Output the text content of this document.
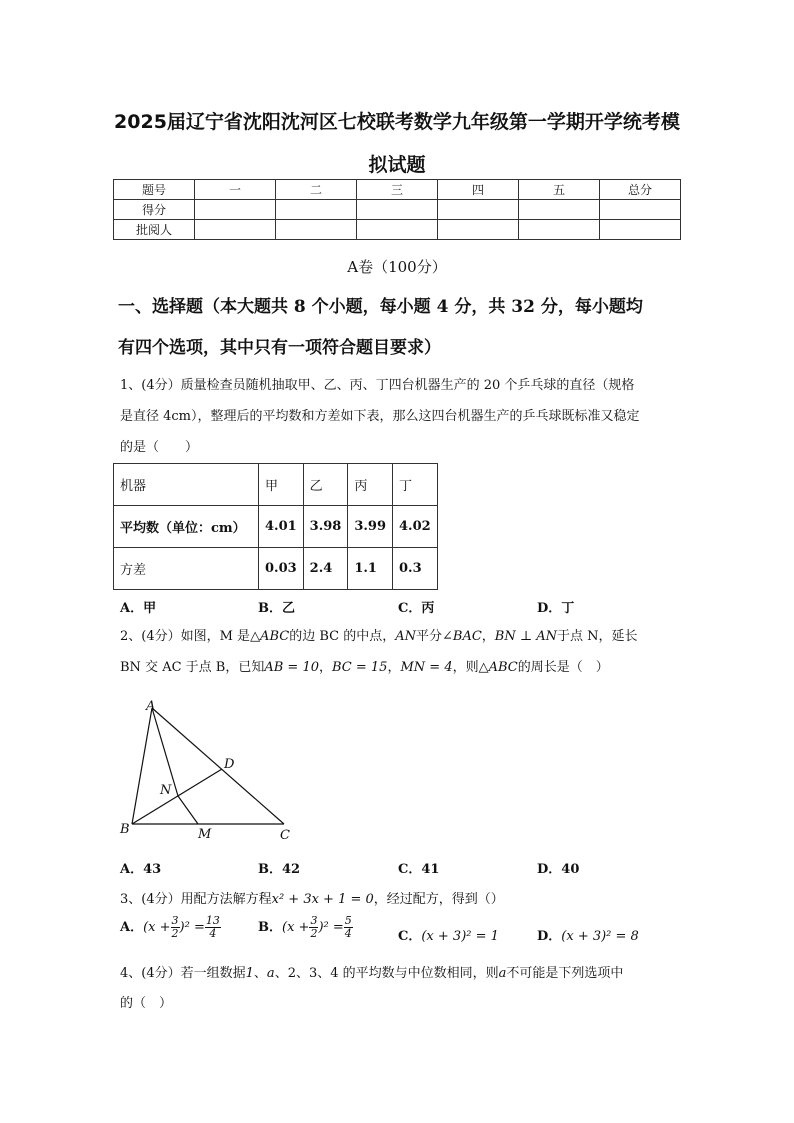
2025届辽宁省沈阳沈河区七校联考数学九年级第一学期开学统考模
拟试题
题号	一	二	三	四	五	总分
得分						
批阅人						
A卷（100分）
一、选择题（本大题共 8 个小题，每小题 4 分，共 32 分，每小题均
有四个选项，其中只有一项符合题目要求）
1、(4分）质量检查员随机抽取甲、乙、丙、丁四台机器生产的 20 个乒乓球的直径（规格
是直径 4cm），整理后的平均数和方差如下表，那么这四台机器生产的乒乓球既标准又稳定
的是（　　）
机器	甲	乙	丙	丁
平均数（单位：cm）	4.01	3.98	3.99	4.02
方差	0.03	2.4	1.1	0.3
A．甲	B．乙	C．丙	D．丁
2、(4分）如图，M 是△ABC的边 BC 的中点，AN平分∠BAC，BN ⊥ AN于点 N，延长
BN 交 AC 于点 B，已知AB = 10，BC = 15，MN = 4，则△ABC的周长是（　）
A
B	C
D
N
M
A．43	B．42	C．41	D．40
3、(4分）用配方法解方程x² + 3x + 1 = 0，经过配方，得到（）
A．$(x + \frac{3}{2} )^2 = \frac{13}{4}$	B．$(x + \frac{3}{2} )^2 = \frac{5}{4}$	C．(x + 3)² = 1	D．(x + 3)² = 8
4、(4分）若一组数据1、a、2、3、4 的平均数与中位数相同，则a不可能是下列选项中
的（　）
